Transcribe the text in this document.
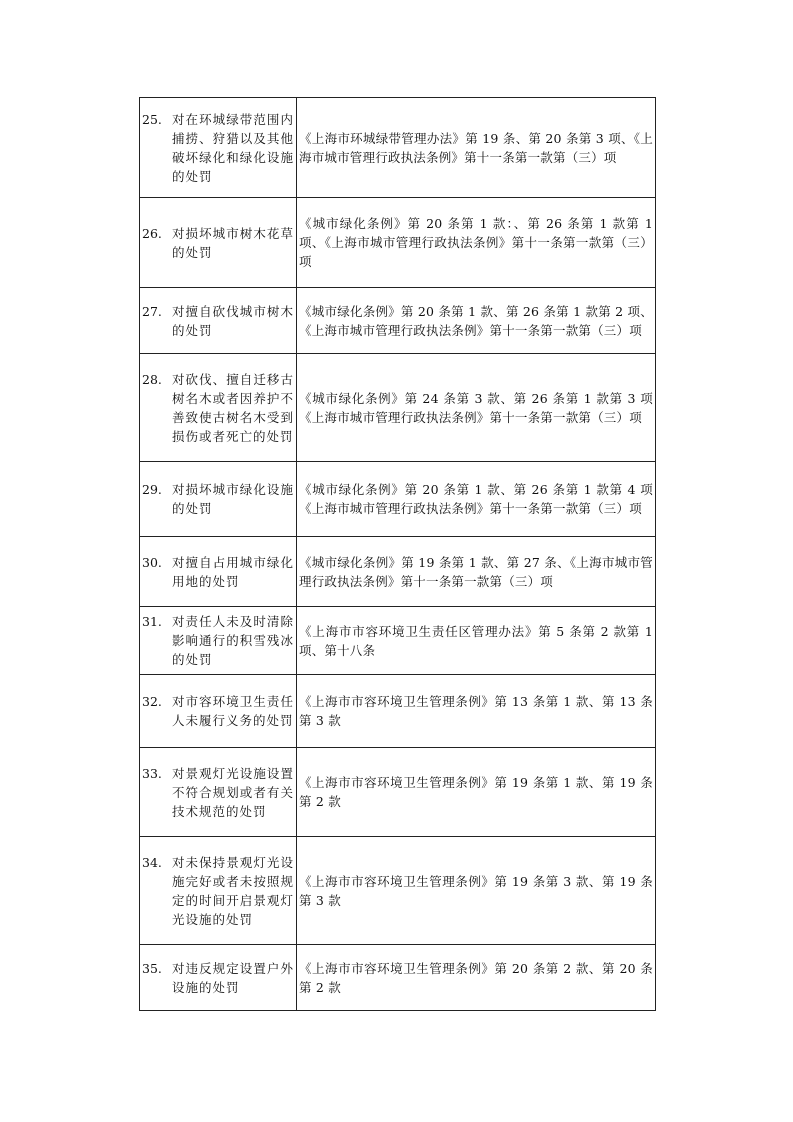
25. 对在环城绿带范围内捕捞、狩猎以及其他破坏绿化和绿化设施的处罚	《上海市环城绿带管理办法》第 19 条、第 20 条第 3 项、《上海市城市管理行政执法条例》第十一条第一款第（三）项

26. 对损坏城市树木花草的处罚	《城市绿化条例》第 20 条第 1 款：、第 26 条第 1 款第 1 项、《上海市城市管理行政执法条例》第十一条第一款第（三）项

27. 对擅自砍伐城市树木的处罚	《城市绿化条例》第 20 条第 1 款、第 26 条第 1 款第 2 项、《上海市城市管理行政执法条例》第十一条第一款第（三）项

28. 对砍伐、擅自迁移古树名木或者因养护不善致使古树名木受到损伤或者死亡的处罚	《城市绿化条例》第 24 条第 3 款、第 26 条第 1 款第 3 项《上海市城市管理行政执法条例》第十一条第一款第（三）项

29. 对损坏城市绿化设施的处罚	《城市绿化条例》第 20 条第 1 款、第 26 条第 1 款第 4 项《上海市城市管理行政执法条例》第十一条第一款第（三）项

30. 对擅自占用城市绿化用地的处罚	《城市绿化条例》第 19 条第 1 款、第 27 条、《上海市城市管理行政执法条例》第十一条第一款第（三）项

31. 对责任人未及时清除影响通行的积雪残冰的处罚	《上海市市容环境卫生责任区管理办法》第 5 条第 2 款第 1 项、第十八条

32. 对市容环境卫生责任人未履行义务的处罚	《上海市市容环境卫生管理条例》第 13 条第 1 款、第 13 条第 3 款

33. 对景观灯光设施设置不符合规划或者有关技术规范的处罚	《上海市市容环境卫生管理条例》第 19 条第 1 款、第 19 条第 2 款

34. 对未保持景观灯光设施完好或者未按照规定的时间开启景观灯光设施的处罚	《上海市市容环境卫生管理条例》第 19 条第 3 款、第 19 条第 3 款

35. 对违反规定设置户外设施的处罚	《上海市市容环境卫生管理条例》第 20 条第 2 款、第 20 条第 2 款
